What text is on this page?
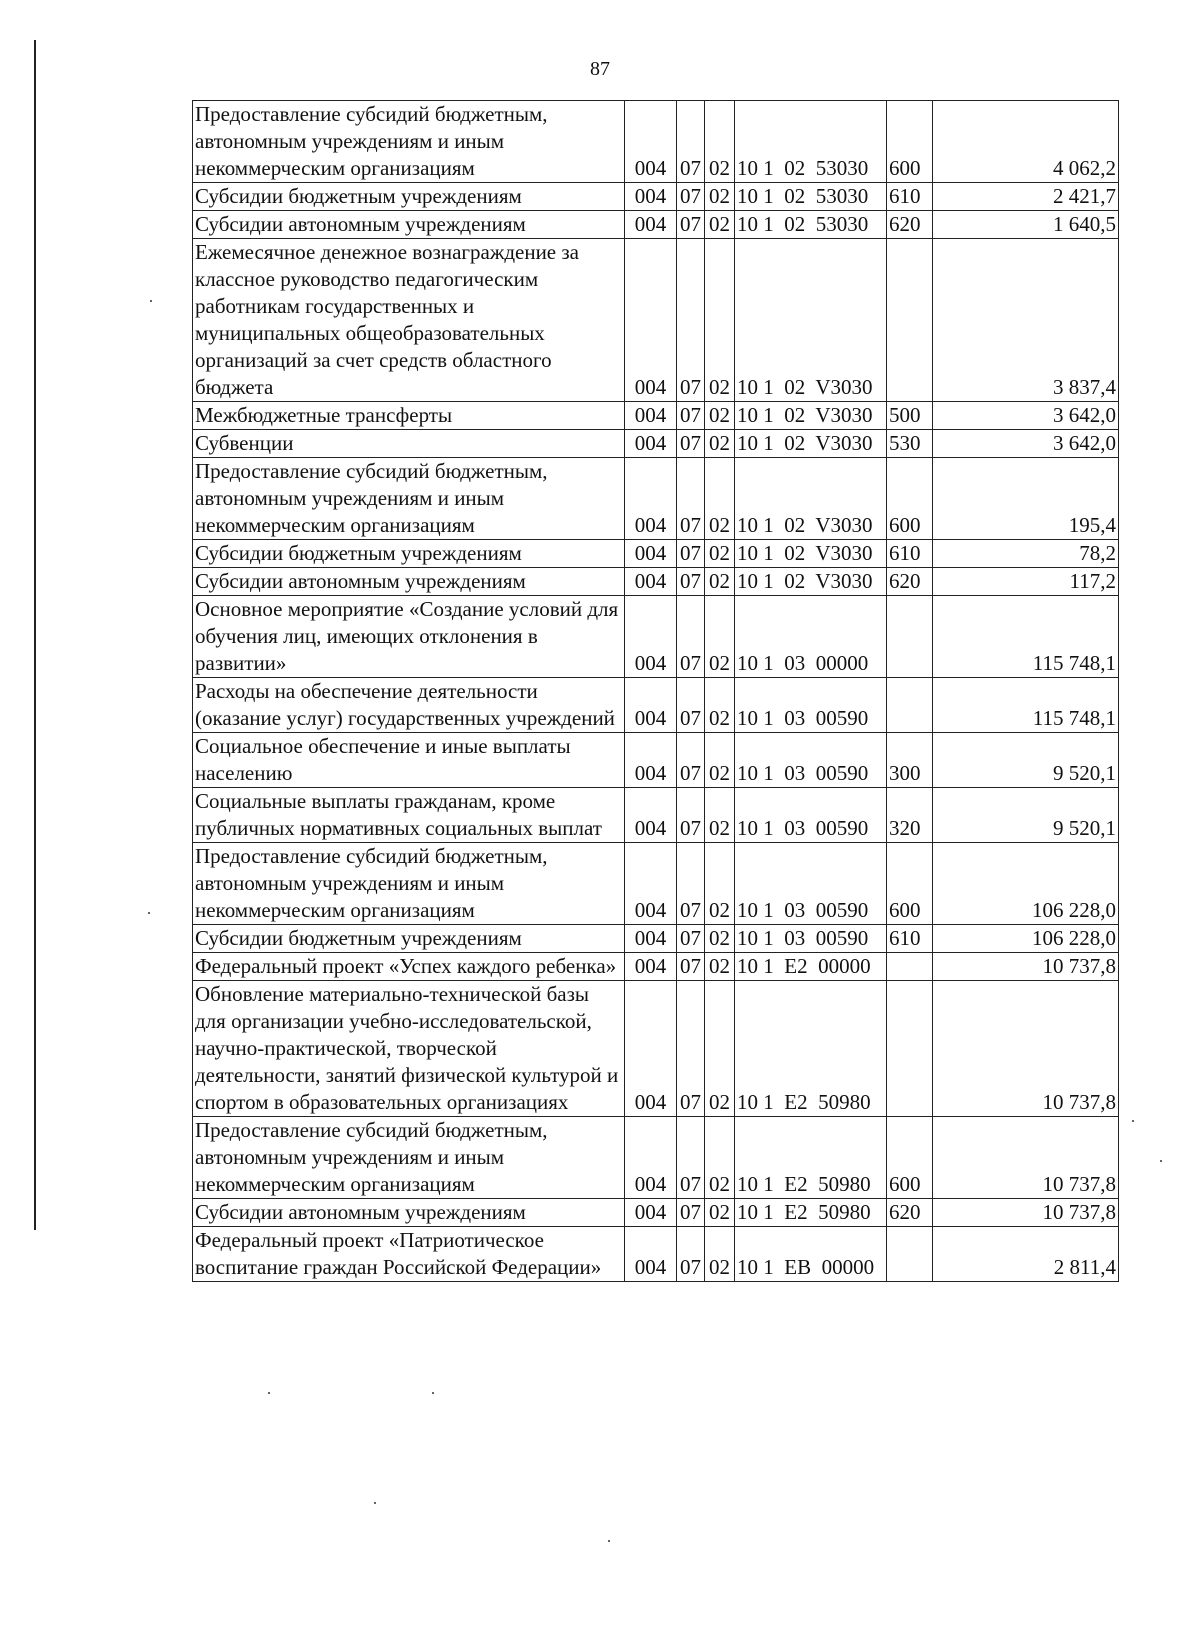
87
Предоставление субсидий бюджетным, автономным учреждениям и иным некоммерческим организациям	004	07	02	10 1  02  53030	600	4 062,2
Субсидии бюджетным учреждениям	004	07	02	10 1  02  53030	610	2 421,7
Субсидии автономным учреждениям	004	07	02	10 1  02  53030	620	1 640,5
Ежемесячное денежное вознаграждение за классное руководство педагогическим работникам государственных и муниципальных общеобразовательных организаций за счет средств областного бюджета	004	07	02	10 1  02  V3030		3 837,4
Межбюджетные трансферты	004	07	02	10 1  02  V3030	500	3 642,0
Субвенции	004	07	02	10 1  02  V3030	530	3 642,0
Предоставление субсидий бюджетным, автономным учреждениям и иным некоммерческим организациям	004	07	02	10 1  02  V3030	600	195,4
Субсидии бюджетным учреждениям	004	07	02	10 1  02  V3030	610	78,2
Субсидии автономным учреждениям	004	07	02	10 1  02  V3030	620	117,2
Основное мероприятие «Создание условий для обучения лиц, имеющих отклонения в развитии»	004	07	02	10 1  03  00000		115 748,1
Расходы на обеспечение деятельности (оказание услуг) государственных учреждений	004	07	02	10 1  03  00590		115 748,1
Социальное обеспечение и иные выплаты населению	004	07	02	10 1  03  00590	300	9 520,1
Социальные выплаты гражданам, кроме публичных нормативных социальных выплат	004	07	02	10 1  03  00590	320	9 520,1
Предоставление субсидий бюджетным, автономным учреждениям и иным некоммерческим организациям	004	07	02	10 1  03  00590	600	106 228,0
Субсидии бюджетным учреждениям	004	07	02	10 1  03  00590	610	106 228,0
Федеральный проект «Успех каждого ребенка»	004	07	02	10 1  Е2  00000		10 737,8
Обновление материально-технической базы для организации учебно-исследовательской, научно-практической, творческой деятельности, занятий физической культурой и спортом в образовательных организациях	004	07	02	10 1  Е2  50980		10 737,8
Предоставление субсидий бюджетным, автономным учреждениям и иным некоммерческим организациям	004	07	02	10 1  Е2  50980	600	10 737,8
Субсидии автономным учреждениям	004	07	02	10 1  Е2  50980	620	10 737,8
Федеральный проект «Патриотическое воспитание граждан Российской Федерации»	004	07	02	10 1  ЕВ  00000		2 811,4
